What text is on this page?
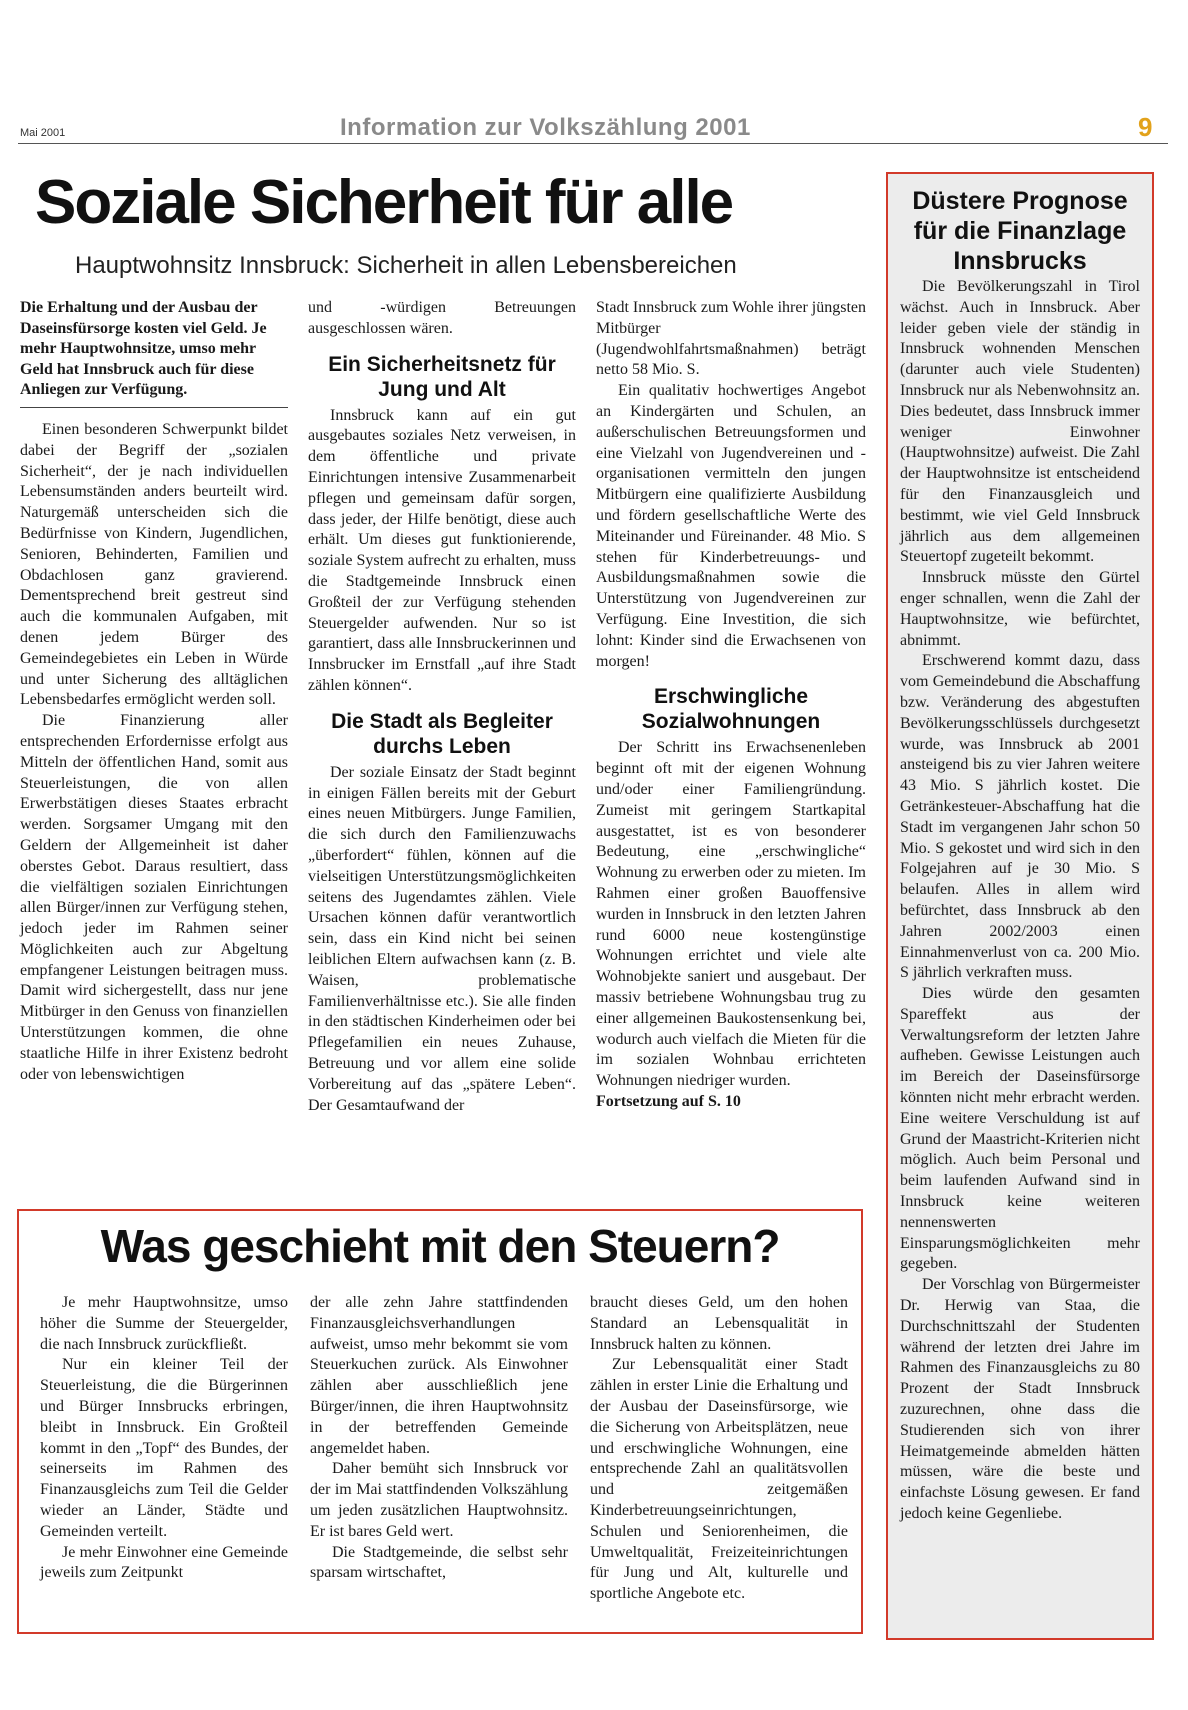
Mai 2001	Information zur Volkszählung 2001	9
Soziale Sicherheit für alle
Hauptwohnsitz Innsbruck: Sicherheit in allen Lebensbereichen
Die Erhaltung und der Ausbau der Daseinsfürsorge kosten viel Geld. Je mehr Hauptwohnsitze, umso mehr Geld hat Innsbruck auch für diese Anliegen zur Verfügung.

Einen besonderen Schwerpunkt bildet dabei der Begriff der „sozialen Sicherheit“, der je nach individuellen Lebensumständen anders beurteilt wird. Naturgemäß unterscheiden sich die Bedürfnisse von Kindern, Jugendlichen, Senioren, Behinderten, Familien und Obdachlosen ganz gravierend. Dementsprechend breit gestreut sind auch die kommunalen Aufgaben, mit denen jedem Bürger des Gemeindegebietes ein Leben in Würde und unter Sicherung des alltäglichen Lebensbedarfes ermöglicht werden soll.

Die Finanzierung aller entsprechenden Erfordernisse erfolgt aus Mitteln der öffentlichen Hand, somit aus Steuerleistungen, die von allen Erwerbstätigen dieses Staates erbracht werden. Sorgsamer Umgang mit den Geldern der Allgemeinheit ist daher oberstes Gebot. Daraus resultiert, dass die vielfältigen sozialen Einrichtungen allen Bürger/innen zur Verfügung stehen, jedoch jeder im Rahmen seiner Möglichkeiten auch zur Abgeltung empfangener Leistungen beitragen muss. Damit wird sichergestellt, dass nur jene Mitbürger in den Genuss von finanziellen Unterstützungen kommen, die ohne staatliche Hilfe in ihrer Existenz bedroht oder von lebenswichtigen

und -würdigen Betreuungen ausgeschlossen wären.

Ein Sicherheitsnetz für Jung und Alt

Innsbruck kann auf ein gut ausgebautes soziales Netz verweisen, in dem öffentliche und private Einrichtungen intensive Zusammenarbeit pflegen und gemeinsam dafür sorgen, dass jeder, der Hilfe benötigt, diese auch erhält. Um dieses gut funktionierende, soziale System aufrecht zu erhalten, muss die Stadtgemeinde Innsbruck einen Großteil der zur Verfügung stehenden Steuergelder aufwenden. Nur so ist garantiert, dass alle Innsbruckerinnen und Innsbrucker im Ernstfall „auf ihre Stadt zählen können“.

Die Stadt als Begleiter durchs Leben

Der soziale Einsatz der Stadt beginnt in einigen Fällen bereits mit der Geburt eines neuen Mitbürgers. Junge Familien, die sich durch den Familienzuwachs „überfordert“ fühlen, können auf die vielseitigen Unterstützungsmöglichkeiten seitens des Jugendamtes zählen. Viele Ursachen können dafür verantwortlich sein, dass ein Kind nicht bei seinen leiblichen Eltern aufwachsen kann (z. B. Waisen, problematische Familienverhältnisse etc.). Sie alle finden in den städtischen Kinderheimen oder bei Pflegefamilien ein neues Zuhause, Betreuung und vor allem eine solide Vorbereitung auf das „spätere Leben“. Der Gesamtaufwand der

Stadt Innsbruck zum Wohle ihrer jüngsten Mitbürger (Jugendwohlfahrtsmaßnahmen) beträgt netto 58 Mio. S.

Ein qualitativ hochwertiges Angebot an Kindergärten und Schulen, an außerschulischen Betreuungsformen und eine Vielzahl von Jugendvereinen und -organisationen vermitteln den jungen Mitbürgern eine qualifizierte Ausbildung und fördern gesellschaftliche Werte des Miteinander und Füreinander. 48 Mio. S stehen für Kinderbetreuungs- und Ausbildungsmaßnahmen sowie die Unterstützung von Jugendvereinen zur Verfügung. Eine Investition, die sich lohnt: Kinder sind die Erwachsenen von morgen!

Erschwingliche Sozialwohnungen

Der Schritt ins Erwachsenenleben beginnt oft mit der eigenen Wohnung und/oder einer Familiengründung. Zumeist mit geringem Startkapital ausgestattet, ist es von besonderer Bedeutung, eine „erschwingliche“ Wohnung zu erwerben oder zu mieten. Im Rahmen einer großen Bauoffensive wurden in Innsbruck in den letzten Jahren rund 6000 neue kostengünstige Wohnungen errichtet und viele alte Wohnobjekte saniert und ausgebaut. Der massiv betriebene Wohnungsbau trug zu einer allgemeinen Baukostensenkung bei, wodurch auch vielfach die Mieten für die im sozialen Wohnbau errichteten Wohnungen niedriger wurden.

Fortsetzung auf S. 10

Was geschieht mit den Steuern?

Je mehr Hauptwohnsitze, umso höher die Summe der Steuergelder, die nach Innsbruck zurückfließt.

Nur ein kleiner Teil der Steuerleistung, die die Bürgerinnen und Bürger Innsbrucks erbringen, bleibt in Innsbruck. Ein Großteil kommt in den „Topf“ des Bundes, der seinerseits im Rahmen des Finanzausgleichs zum Teil die Gelder wieder an Länder, Städte und Gemeinden verteilt.

Je mehr Einwohner eine Gemeinde jeweils zum Zeitpunkt

der alle zehn Jahre stattfindenden Finanzausgleichsverhandlungen aufweist, umso mehr bekommt sie vom Steuerkuchen zurück. Als Einwohner zählen aber ausschließlich jene Bürger/innen, die ihren Hauptwohnsitz in der betreffenden Gemeinde angemeldet haben.

Daher bemüht sich Innsbruck vor der im Mai stattfindenden Volkszählung um jeden zusätzlichen Hauptwohnsitz. Er ist bares Geld wert.

Die Stadtgemeinde, die selbst sehr sparsam wirtschaftet,

braucht dieses Geld, um den hohen Standard an Lebensqualität in Innsbruck halten zu können.

Zur Lebensqualität einer Stadt zählen in erster Linie die Erhaltung und der Ausbau der Daseinsfürsorge, wie die Sicherung von Arbeitsplätzen, neue und erschwingliche Wohnungen, eine entsprechende Zahl an qualitätsvollen und zeitgemäßen Kinderbetreuungseinrichtungen, Schulen und Seniorenheimen, die Umweltqualität, Freizeiteinrichtungen für Jung und Alt, kulturelle und sportliche Angebote etc.

Düstere Prognose für die Finanzlage Innsbrucks

Die Bevölkerungszahl in Tirol wächst. Auch in Innsbruck. Aber leider geben viele der ständig in Innsbruck wohnenden Menschen (darunter auch viele Studenten) Innsbruck nur als Nebenwohnsitz an. Dies bedeutet, dass Innsbruck immer weniger Einwohner (Hauptwohnsitze) aufweist. Die Zahl der Hauptwohnsitze ist entscheidend für den Finanzausgleich und bestimmt, wie viel Geld Innsbruck jährlich aus dem allgemeinen Steuertopf zugeteilt bekommt.

Innsbruck müsste den Gürtel enger schnallen, wenn die Zahl der Hauptwohnsitze, wie befürchtet, abnimmt.

Erschwerend kommt dazu, dass vom Gemeindebund die Abschaffung bzw. Veränderung des abgestuften Bevölkerungsschlüssels durchgesetzt wurde, was Innsbruck ab 2001 ansteigend bis zu vier Jahren weitere 43 Mio. S jährlich kostet. Die Getränkesteuer-Abschaffung hat die Stadt im vergangenen Jahr schon 50 Mio. S gekostet und wird sich in den Folgejahren auf je 30 Mio. S belaufen. Alles in allem wird befürchtet, dass Innsbruck ab den Jahren 2002/2003 einen Einnahmenverlust von ca. 200 Mio. S jährlich verkraften muss.

Dies würde den gesamten Spareffekt aus der Verwaltungsreform der letzten Jahre aufheben. Gewisse Leistungen auch im Bereich der Daseinsfürsorge könnten nicht mehr erbracht werden. Eine weitere Verschuldung ist auf Grund der Maastricht-Kriterien nicht möglich. Auch beim Personal und beim laufenden Aufwand sind in Innsbruck keine weiteren nennenswerten Einsparungsmöglichkeiten mehr gegeben.

Der Vorschlag von Bürgermeister Dr. Herwig van Staa, die Durchschnittszahl der Studenten während der letzten drei Jahre im Rahmen des Finanzausgleichs zu 80 Prozent der Stadt Innsbruck zuzurechnen, ohne dass die Studierenden sich von ihrer Heimatgemeinde abmelden hätten müssen, wäre die beste und einfachste Lösung gewesen. Er fand jedoch keine Gegenliebe.
